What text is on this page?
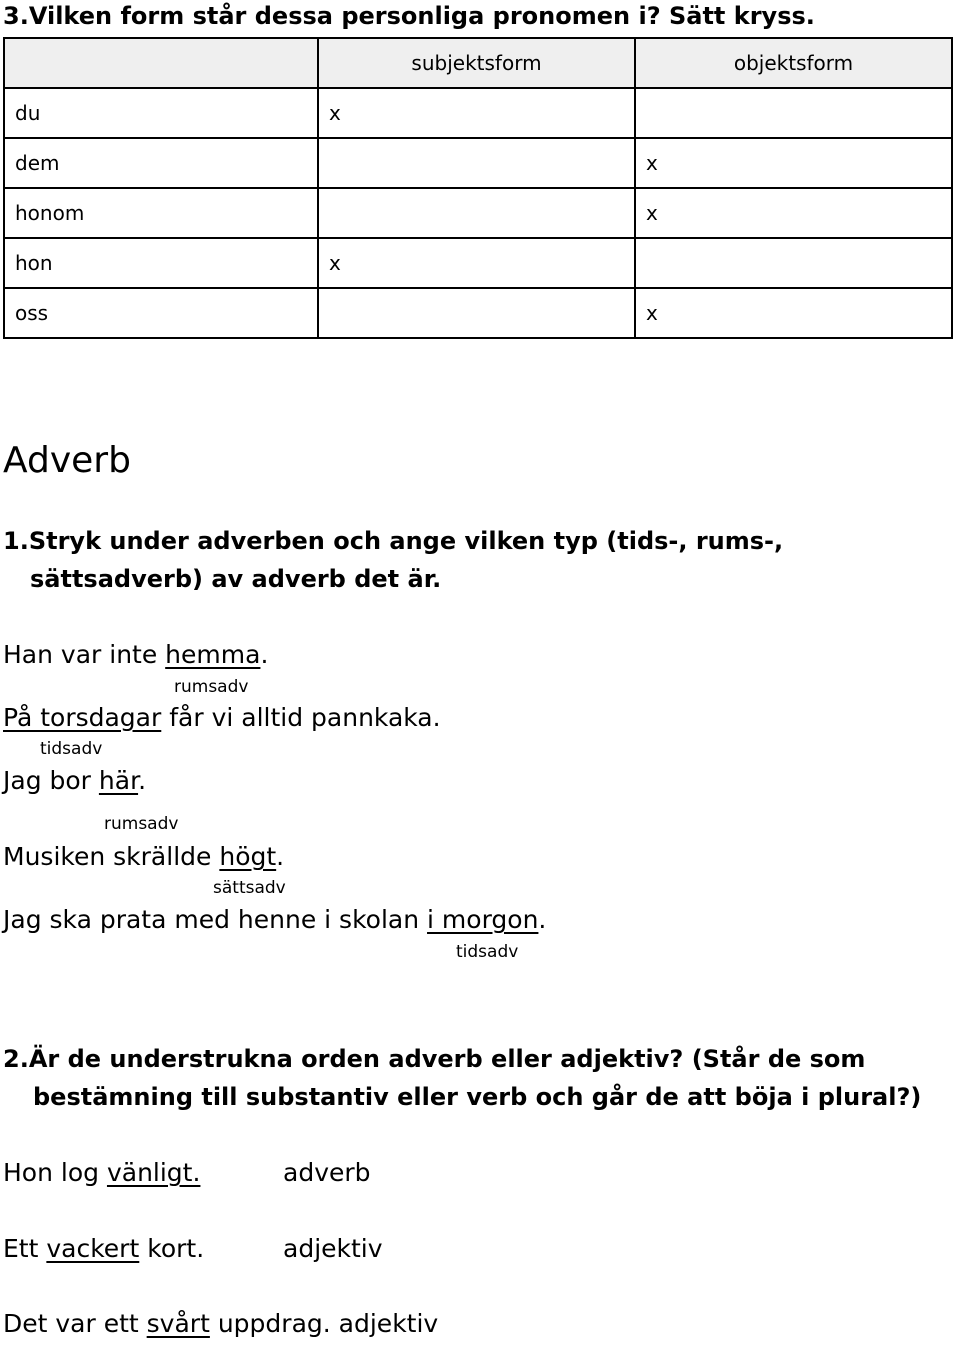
3.Vilken form står dessa personliga pronomen i? Sätt kryss.
	subjektsform	objektsform
du	x	
dem		x
honom		x
hon	x	
oss		x
Adverb
1.Stryk under adverben och ange vilken typ (tids-, rums-,
sättsadverb) av adverb det är.
Han var inte hemma.
rumsadv
På torsdagar får vi alltid pannkaka.
tidsadv
Jag bor här.
rumsadv
Musiken skrällde högt.
sättsadv
Jag ska prata med henne i skolan i morgon.
tidsadv
2.Är de understrukna orden adverb eller adjektiv? (Står de som
bestämning till substantiv eller verb och går de att böja i plural?)
Hon log vänligt.	adverb
Ett vackert kort.	adjektiv
Det var ett svårt uppdrag. adjektiv
